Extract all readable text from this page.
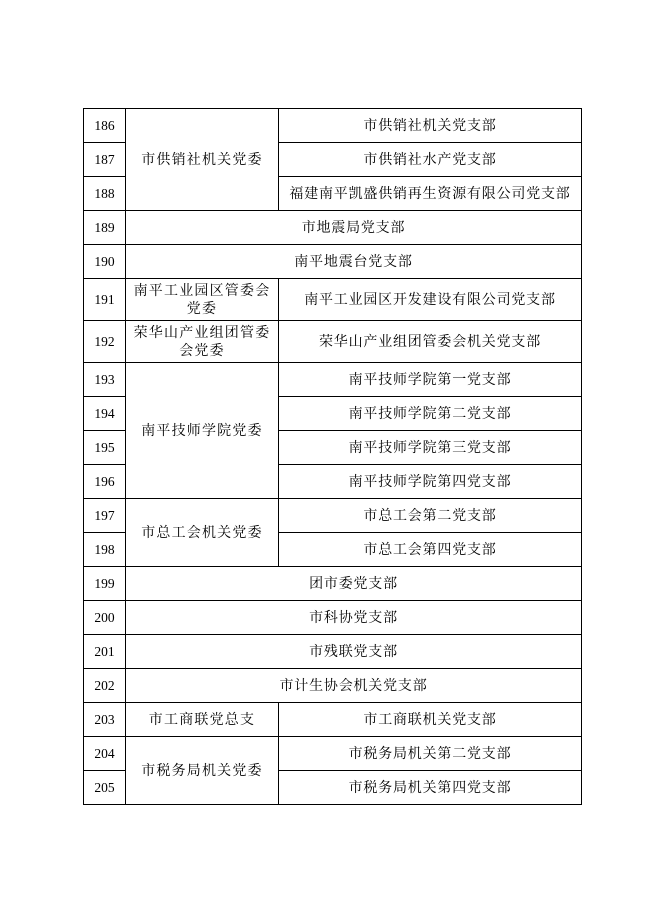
186	市供销社机关党委	市供销社机关党支部
187		市供销社水产党支部
188		福建南平凯盛供销再生资源有限公司党支部
189	市地震局党支部	
190	南平地震台党支部	
191	南平工业园区管委会党委	南平工业园区开发建设有限公司党支部
192	荣华山产业组团管委会党委	荣华山产业组团管委会机关党支部
193	南平技师学院党委	南平技师学院第一党支部
194		南平技师学院第二党支部
195		南平技师学院第三党支部
196		南平技师学院第四党支部
197	市总工会机关党委	市总工会第二党支部
198		市总工会第四党支部
199	团市委党支部	
200	市科协党支部	
201	市残联党支部	
202	市计生协会机关党支部	
203	市工商联党总支	市工商联机关党支部
204	市税务局机关党委	市税务局机关第二党支部
205		市税务局机关第四党支部
